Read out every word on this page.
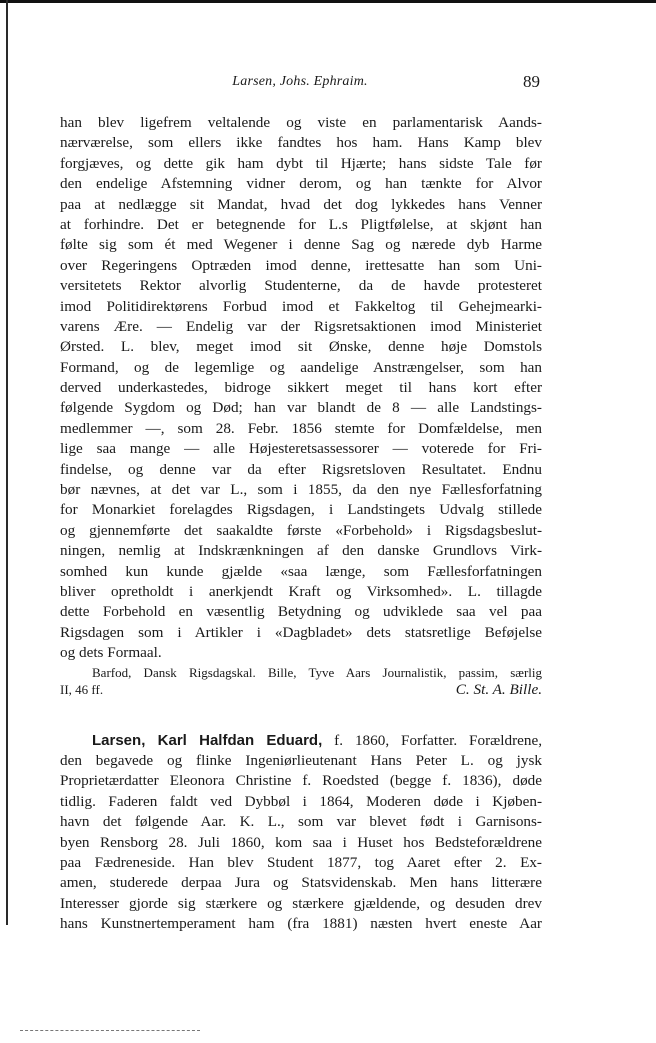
Larsen, Johs. Ephraim.	89
han blev ligefrem veltalende og viste en parlamentarisk Aands-
nærværelse, som ellers ikke fandtes hos ham. Hans Kamp blev
forgjæves, og dette gik ham dybt til Hjærte; hans sidste Tale før
den endelige Afstemning vidner derom, og han tænkte for Alvor
paa at nedlægge sit Mandat, hvad det dog lykkedes hans Venner
at forhindre. Det er betegnende for L.s Pligtfølelse, at skjønt han
følte sig som ét med Wegener i denne Sag og nærede dyb Harme
over Regeringens Optræden imod denne, irettesatte han som Uni-
versitetets Rektor alvorlig Studenterne, da de havde protesteret
imod Politidirektørens Forbud imod et Fakkeltog til Gehejmearki-
varens Ære. — Endelig var der Rigsretsaktionen imod Ministeriet
Ørsted. L. blev, meget imod sit Ønske, denne høje Domstols
Formand, og de legemlige og aandelige Anstrængelser, som han
derved underkastedes, bidroge sikkert meget til hans kort efter
følgende Sygdom og Død; han var blandt de 8 — alle Landstings-
medlemmer —, som 28. Febr. 1856 stemte for Domfældelse, men
lige saa mange — alle Højesteretsassessorer — voterede for Fri-
findelse, og denne var da efter Rigsretsloven Resultatet. Endnu
bør nævnes, at det var L., som i 1855, da den nye Fællesforfatning
for Monarkiet forelagdes Rigsdagen, i Landstingets Udvalg stillede
og gjennemførte det saakaldte første «Forbehold» i Rigsdagsbeslut-
ningen, nemlig at Indskrænkningen af den danske Grundlovs Virk-
somhed kun kunde gjælde «saa længe, som Fællesforfatningen
bliver opretholdt i anerkjendt Kraft og Virksomhed». L. tillagde
dette Forbehold en væsentlig Betydning og udviklede saa vel paa
Rigsdagen som i Artikler i «Dagbladet» dets statsretlige Beføjelse
og dets Formaal.
Barfod, Dansk Rigsdagskal. Bille, Tyve Aars Journalistik, passim, særlig
II, 46 ff.	C. St. A. Bille.
Larsen, Karl Halfdan Eduard, f. 1860, Forfatter. Forældrene,
den begavede og flinke Ingeniørlieutenant Hans Peter L. og jysk
Proprietærdatter Eleonora Christine f. Roedsted (begge f. 1836), døde
tidlig. Faderen faldt ved Dybbøl i 1864, Moderen døde i Kjøben-
havn det følgende Aar. K. L., som var blevet født i Garnisons-
byen Rensborg 28. Juli 1860, kom saa i Huset hos Bedsteforældrene
paa Fædreneside. Han blev Student 1877, tog Aaret efter 2. Ex-
amen, studerede derpaa Jura og Statsvidenskab. Men hans litterære
Interesser gjorde sig stærkere og stærkere gjældende, og desuden drev
hans Kunstnertemperament ham (fra 1881) næsten hvert eneste Aar
